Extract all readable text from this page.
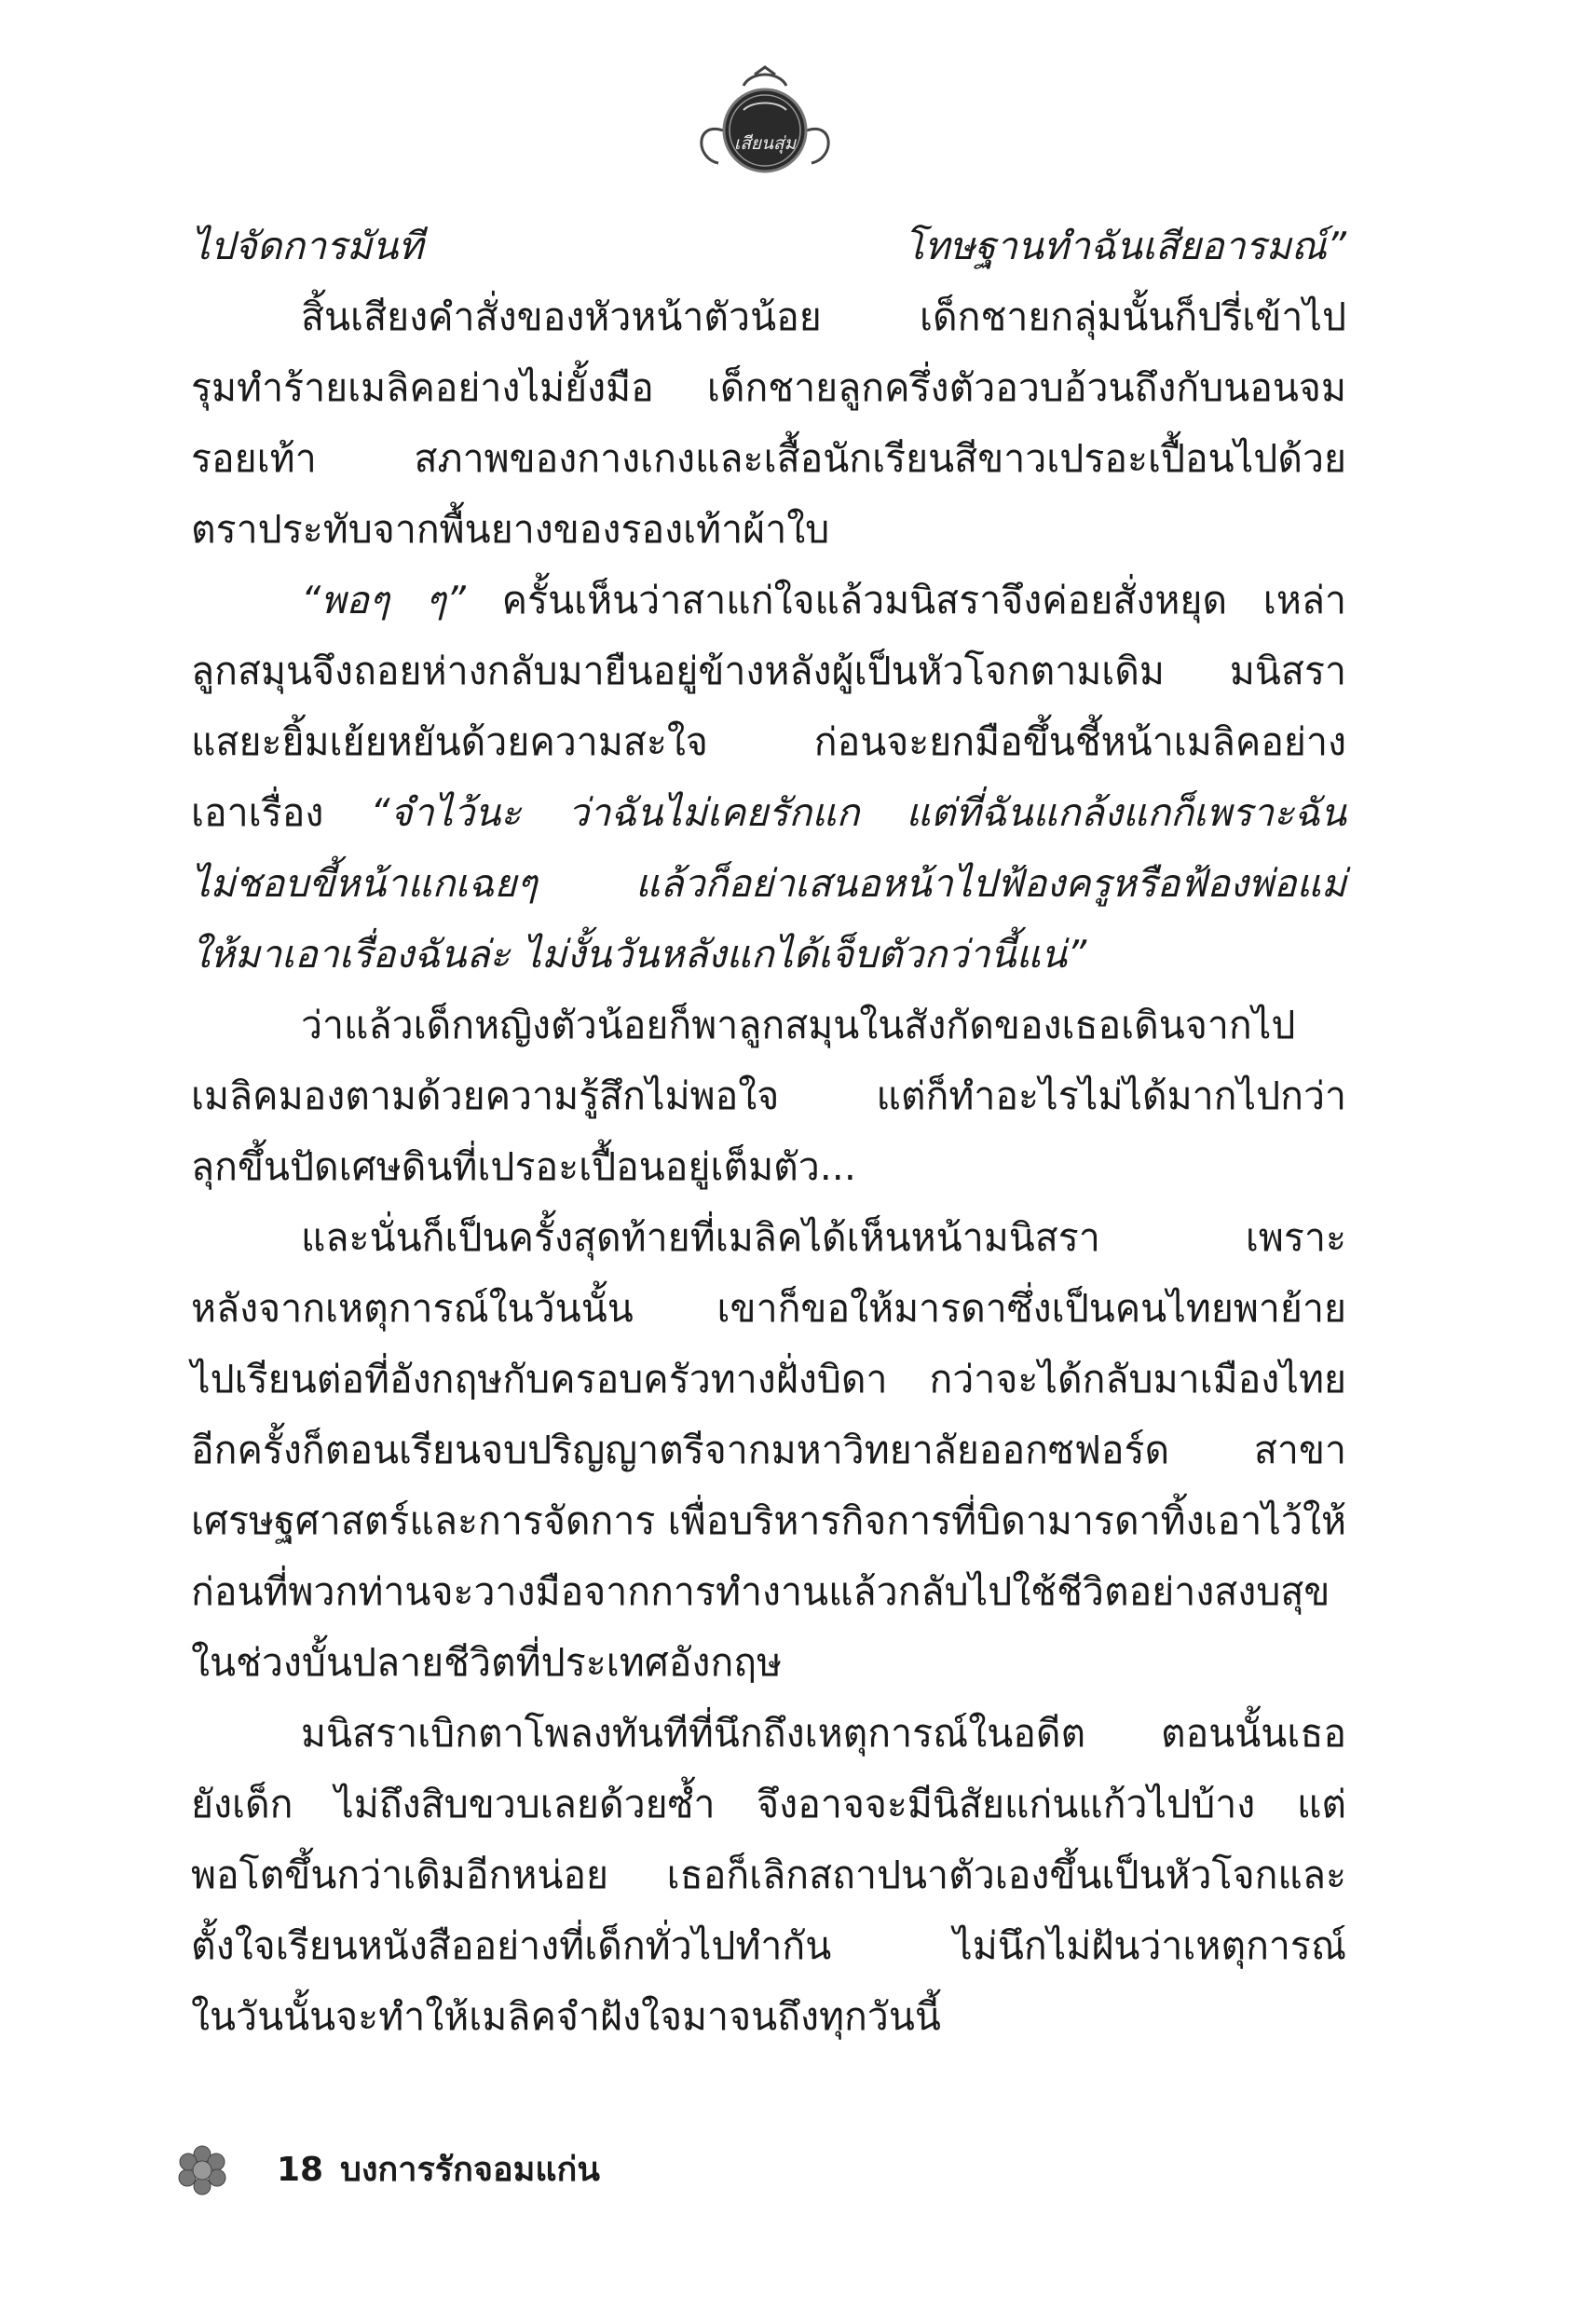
เสียนสุ่ม
ไปจัดการมันที โทษฐานทำฉันเสียอารมณ์”
สิ้นเสียงคำสั่งของหัวหน้าตัวน้อย เด็กชายกลุ่มนั้นก็ปรี่เข้าไป
รุมทำร้ายเมลิคอย่างไม่ยั้งมือ เด็กชายลูกครึ่งตัวอวบอ้วนถึงกับนอนจม
รอยเท้า สภาพของกางเกงและเสื้อนักเรียนสีขาวเปรอะเปื้อนไปด้วย
ตราประทับจากพื้นยางของรองเท้าผ้าใบ
“พอๆ ๆ” ครั้นเห็นว่าสาแก่ใจแล้วมนิสราจึงค่อยสั่งหยุด เหล่า
ลูกสมุนจึงถอยห่างกลับมายืนอยู่ข้างหลังผู้เป็นหัวโจกตามเดิม มนิสรา
แสยะยิ้มเย้ยหยันด้วยความสะใจ ก่อนจะยกมือขึ้นชี้หน้าเมลิคอย่าง
เอาเรื่อง “จำไว้นะ ว่าฉันไม่เคยรักแก แต่ที่ฉันแกล้งแกก็เพราะฉัน
ไม่ชอบขี้หน้าแกเฉยๆ แล้วก็อย่าเสนอหน้าไปฟ้องครูหรือฟ้องพ่อแม่
ให้มาเอาเรื่องฉันล่ะ ไม่งั้นวันหลังแกได้เจ็บตัวกว่านี้แน่”
ว่าแล้วเด็กหญิงตัวน้อยก็พาลูกสมุนในสังกัดของเธอเดินจากไป
เมลิคมองตามด้วยความรู้สึกไม่พอใจ แต่ก็ทำอะไรไม่ได้มากไปกว่า
ลุกขึ้นปัดเศษดินที่เปรอะเปื้อนอยู่เต็มตัว...
และนั่นก็เป็นครั้งสุดท้ายที่เมลิคได้เห็นหน้ามนิสรา เพราะ
หลังจากเหตุการณ์ในวันนั้น เขาก็ขอให้มารดาซึ่งเป็นคนไทยพาย้าย
ไปเรียนต่อที่อังกฤษกับครอบครัวทางฝั่งบิดา กว่าจะได้กลับมาเมืองไทย
อีกครั้งก็ตอนเรียนจบปริญญาตรีจากมหาวิทยาลัยออกซฟอร์ด สาขา
เศรษฐศาสตร์และการจัดการ เพื่อบริหารกิจการที่บิดามารดาทิ้งเอาไว้ให้
ก่อนที่พวกท่านจะวางมือจากการทำงานแล้วกลับไปใช้ชีวิตอย่างสงบสุข
ในช่วงบั้นปลายชีวิตที่ประเทศอังกฤษ
มนิสราเบิกตาโพลงทันทีที่นึกถึงเหตุการณ์ในอดีต ตอนนั้นเธอ
ยังเด็ก ไม่ถึงสิบขวบเลยด้วยซ้ำ จึงอาจจะมีนิสัยแก่นแก้วไปบ้าง แต่
พอโตขึ้นกว่าเดิมอีกหน่อย เธอก็เลิกสถาปนาตัวเองขึ้นเป็นหัวโจกและ
ตั้งใจเรียนหนังสืออย่างที่เด็กทั่วไปทำกัน ไม่นึกไม่ฝันว่าเหตุการณ์
ในวันนั้นจะทำให้เมลิคจำฝังใจมาจนถึงทุกวันนี้
18 บงการรักจอมแก่น
